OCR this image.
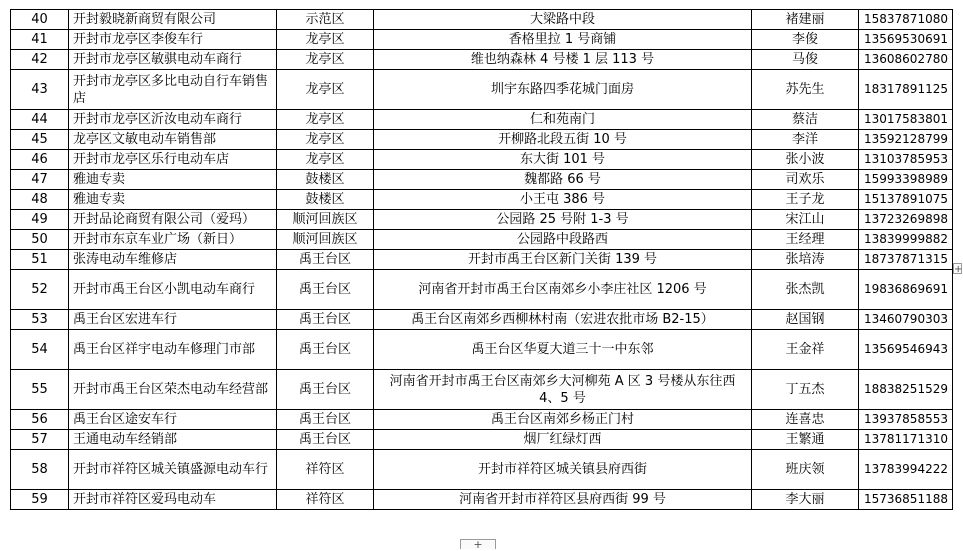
40	开封毅晓新商贸有限公司	示范区	大梁路中段	褚建丽	15837871080
41	开封市龙亭区李俊车行	龙亭区	香格里拉 1 号商铺	李俊	13569530691
42	开封市龙亭区敏骐电动车商行	龙亭区	维也纳森林 4 号楼 1 层 113 号	马俊	13608602780
43	开封市龙亭区多比电动自行车销售店	龙亭区	圳宇东路四季花城门面房	苏先生	18317891125
44	开封市龙亭区沂汝电动车商行	龙亭区	仁和苑南门	蔡洁	13017583801
45	龙亭区文敏电动车销售部	龙亭区	开柳路北段五街 10 号	李洋	13592128799
46	开封市龙亭区乐行电动车店	龙亭区	东大街 101 号	张小波	13103785953
47	雅迪专卖	鼓楼区	魏都路 66 号	司欢乐	15993398989
48	雅迪专卖	鼓楼区	小王屯 386 号	王子龙	15137891075
49	开封品论商贸有限公司（爱玛）	顺河回族区	公园路 25 号附 1-3 号	宋江山	13723269898
50	开封市东京车业广场（新日）	顺河回族区	公园路中段路西	王经理	13839999882
51	张涛电动车维修店	禹王台区	开封市禹王台区新门关街 139 号	张培涛	18737871315
52	开封市禹王台区小凯电动车商行	禹王台区	河南省开封市禹王台区南郊乡小李庄社区 1206 号	张杰凯	19836869691
53	禹王台区宏进车行	禹王台区	禹王台区南郊乡西柳林村南（宏进农批市场 B2-15）	赵国钢	13460790303
54	禹王台区祥宇电动车修理门市部	禹王台区	禹王台区华夏大道三十一中东邻	王金祥	13569546943
55	开封市禹王台区荣杰电动车经营部	禹王台区	河南省开封市禹王台区南郊乡大河柳苑 A 区 3 号楼从东往西 4、5 号	丁五杰	18838251529
56	禹王台区途安车行	禹王台区	禹王台区南郊乡杨正门村	连喜忠	13937858553
57	王通电动车经销部	禹王台区	烟厂红绿灯西	王繁通	13781171310
58	开封市祥符区城关镇盛源电动车行	祥符区	开封市祥符区城关镇县府西街	班庆领	13783994222
59	开封市祥符区爱玛电动车	祥符区	河南省开封市祥符区县府西街 99 号	李大丽	15736851188
+
+
